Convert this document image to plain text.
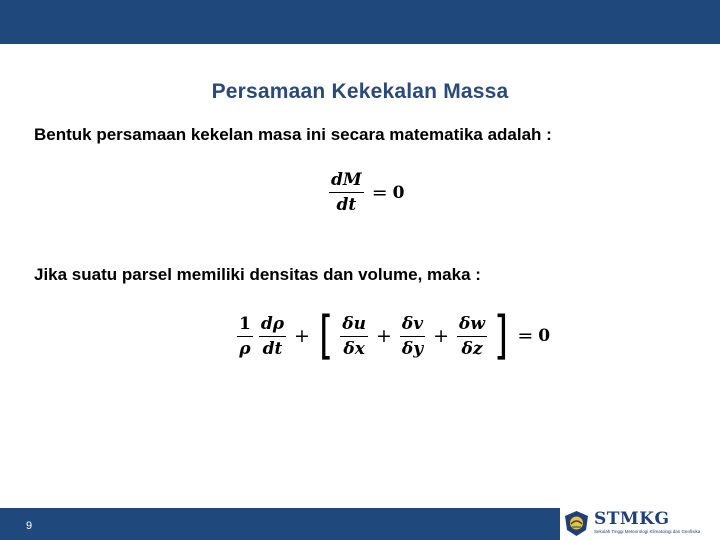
Persamaan Kekekalan Massa
Bentuk persamaan kekelan masa ini secara matematika adalah :
$\frac{dM}{dt} = 0$
Jika suatu parsel memiliki densitas dan volume, maka :
$\frac{1}{\rho} \frac{d\rho}{dt}$ + [ $\frac{\delta u}{\delta x} + \frac{\delta v}{\delta y} + \frac{\delta w}{\delta z}$ ] = 0
9	STMKG
Sekolah Tinggi Meteorologi Klimatologi dan Geofisika
